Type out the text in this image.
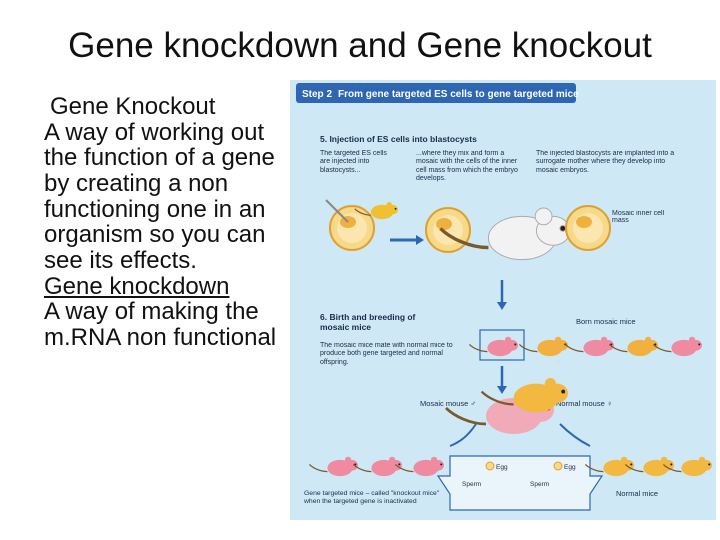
Gene knockdown and Gene knockout

Gene Knockout

A way of working out the function of a gene by creating a non functioning one in an organism so you can see its effects.

Gene knockdown

A way of making the m.RNA non functional

Step 2 From gene targeted ES cells to gene targeted mice
5. Injection of ES cells into blastocysts
The targeted ES cells are injected into blastocysts...
...where they mix and form a mosaic with the cells of the inner cell mass from which the embryo develops.
The injected blastocysts are implanted into a surrogate mother where they develop into mosaic embryos.
Mosaic inner cell mass
6. Birth and breeding of mosaic mice
The mosaic mice mate with normal mice to produce both gene targeted and normal offspring.
Born mosaic mice
Mosaic mouse ♂	Normal mouse ♀
Egg
Sperm
Egg
Sperm
Gene targeted mice – called "knockout mice" when the targeted gene is inactivated
Normal mice
